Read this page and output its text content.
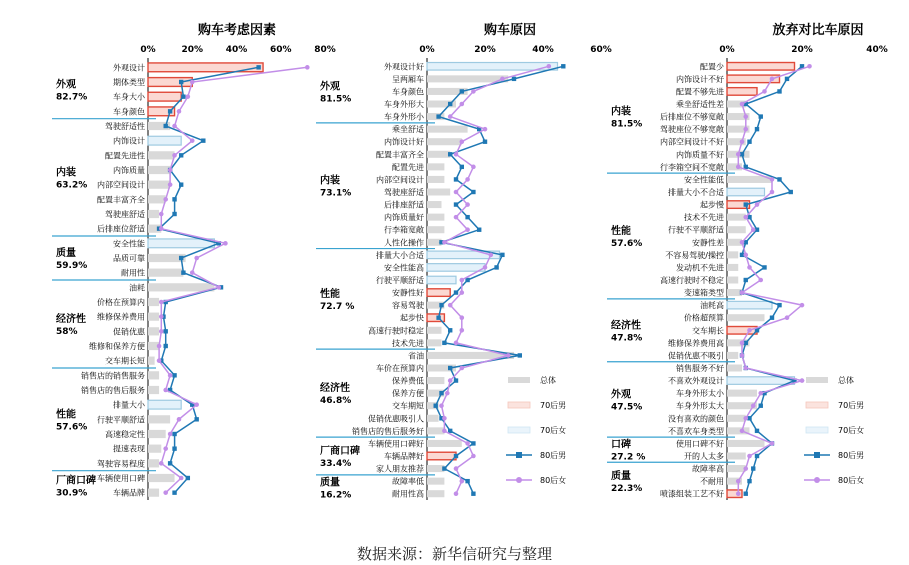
购车考虑因素
0%	20%	40%	60%	80%
外观设计
期体类型
车身大小
车身颜色
驾驶舒适性
内饰设计
配置先进性
内饰质量
内部空间设计
配置丰富齐全
驾驶座舒适
后排座位舒适
安全性能
品质可靠
耐用性
油耗
价格在预算内
维修保养费用
促销优惠
维修和保养方便
交车期长短
销售店的销售服务
销售店的售后服务
排量大小
行驶平顺舒适
高速稳定性
提速表现
驾驶容易程度
车辆使用口碑
车辆品牌
外观
82.7%
内装
63.2%
质量
59.9%
经济性
58%
性能
57.6%
厂商口碑
30.9%
购车原因
0%	20%	40%	60%
外观设计好
呈两厢车
车身颜色
车身外形大
车身外形小
乘坐舒适
内饰设计好
配置丰富齐全
配置先进
内部空间设计
驾驶座舒适
后排座舒适
内饰质量好
行李箱宽敞
人性化操作
排量大小合适
安全性能高
行驶平顺舒适
安静性好
容易驾驶
起步快
高速行驶时稳定
技术先进
省油
车价在预算内
保养费低
保养方便
交车期短
促销优惠吸引人
销售店的售后服务好
车辆使用口碑好
车辆品牌好
家人朋友推荐
故障率低
耐用性高
外观
81.5%
内装
73.1%
性能
72.7 %
经济性
46.8%
厂商口碑
33.4%
质量
16.2%
放弃对比车原因
0%	20%	40%
配置少
内饰设计不好
配置不够先进
乘坐舒适性差
后排座位不够宽敞
驾驶座位不够宽敞
内部空间设计不好
内饰质量不好
行李箱空间不宽敞
安全性能低
排量大小不合适
起步慢
技术不先进
行驶不平顺舒适
安静性差
不容易驾驶/操控
发动机不先进
高速行驶时不稳定
变速箱类型
油耗高
价格超预算
交车期长
维修保养费用高
促销优惠不吸引
销售服务不好
不喜欢外观设计
车身外形太小
车身外形太大
没有喜欢的颜色
不喜欢车身类型
使用口碑不好
开的人太多
故障率高
不耐用
喷漆组装工艺不好
内装
81.5%
性能
57.6%
经济性
47.8%
外观
47.5%
口碑
27.2 %
质量
22.3%
总体
70后男
70后女
80后男
80后女
总体
70后男
70后女
80后男
80后女
数据来源：新华信研究与整理
